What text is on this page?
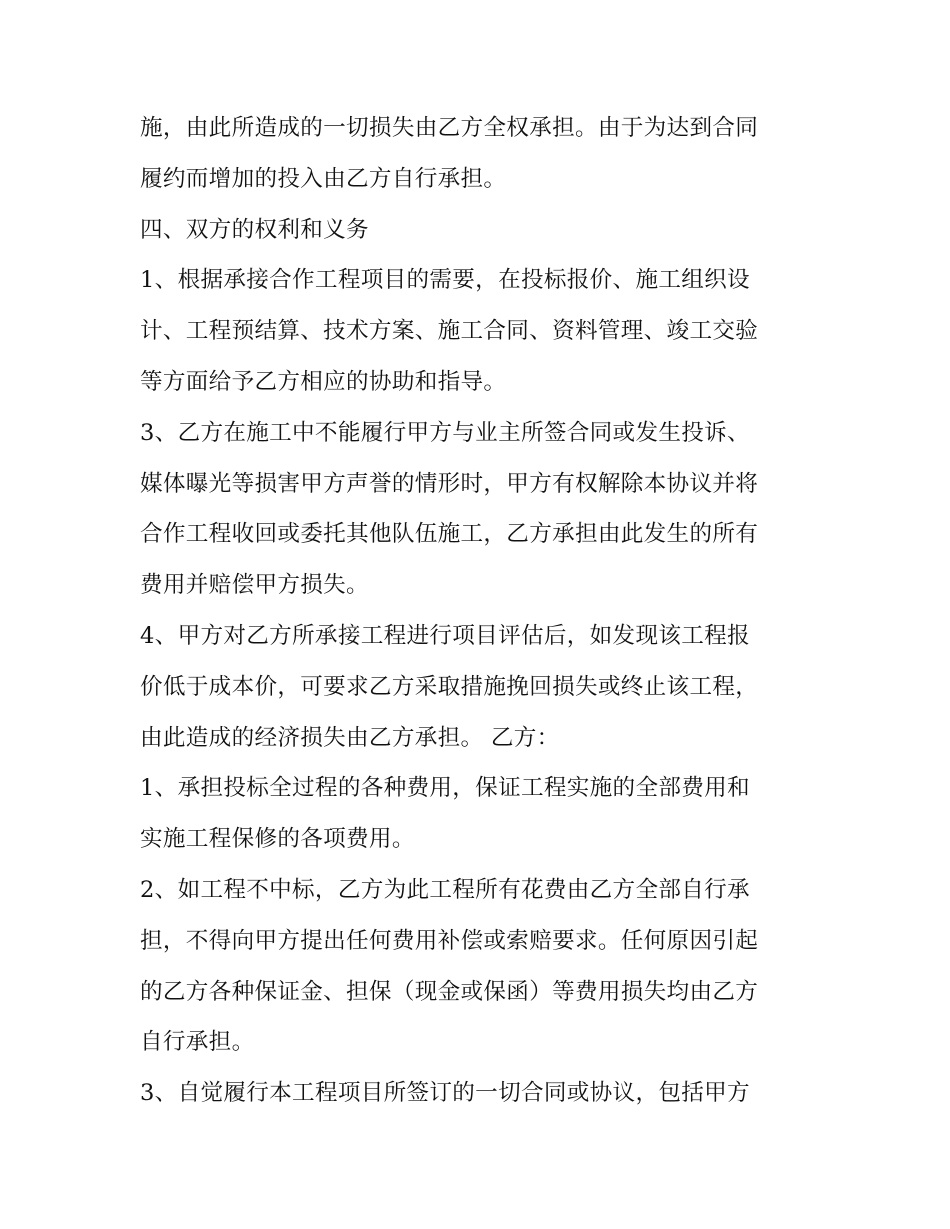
施，由此所造成的一切损失由乙方全权承担。由于为达到合同
履约而增加的投入由乙方自行承担。
四、双方的权利和义务
1、根据承接合作工程项目的需要，在投标报价、施工组织设
计、工程预结算、技术方案、施工合同、资料管理、竣工交验
等方面给予乙方相应的协助和指导。
3、乙方在施工中不能履行甲方与业主所签合同或发生投诉、
媒体曝光等损害甲方声誉的情形时，甲方有权解除本协议并将
合作工程收回或委托其他队伍施工，乙方承担由此发生的所有
费用并赔偿甲方损失。
4、甲方对乙方所承接工程进行项目评估后，如发现该工程报
价低于成本价，可要求乙方采取措施挽回损失或终止该工程，
由此造成的经济损失由乙方承担。 乙方：
1、承担投标全过程的各种费用，保证工程实施的全部费用和
实施工程保修的各项费用。
2、如工程不中标，乙方为此工程所有花费由乙方全部自行承
担，不得向甲方提出任何费用补偿或索赔要求。任何原因引起
的乙方各种保证金、担保（现金或保函）等费用损失均由乙方
自行承担。
3、自觉履行本工程项目所签订的一切合同或协议，包括甲方
